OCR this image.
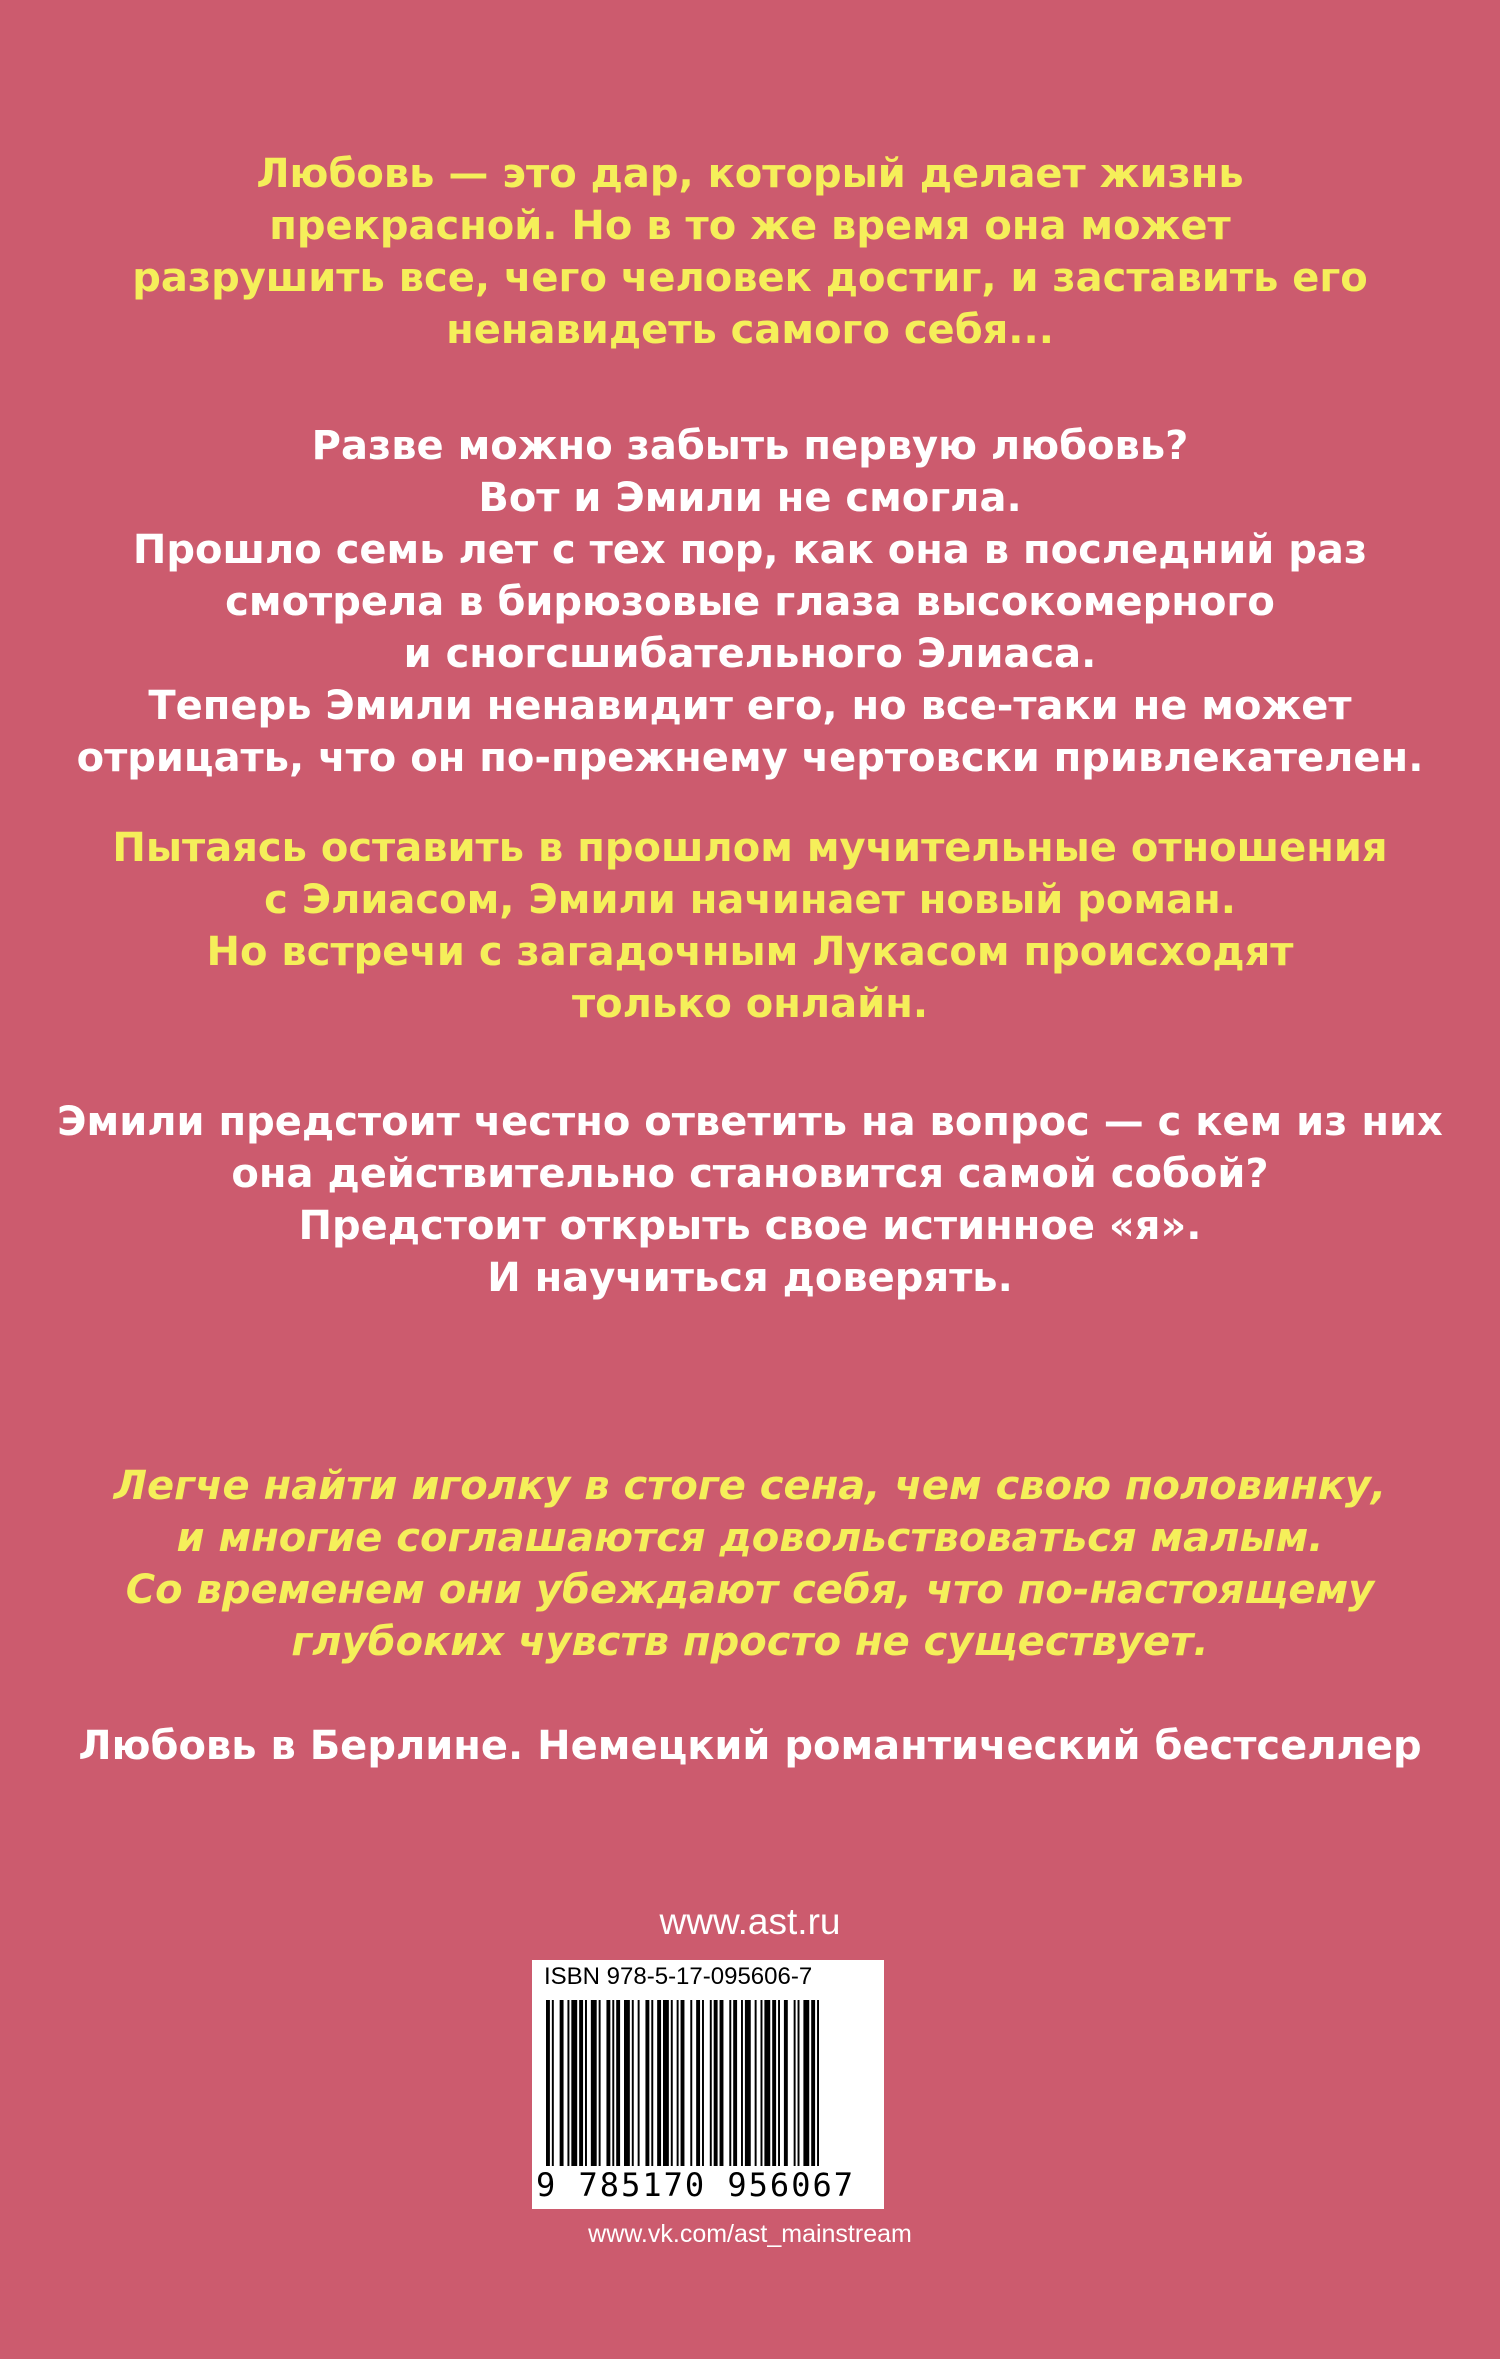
Любовь — это дар, который делает жизнь
прекрасной. Но в то же время она может
разрушить все, чего человек достиг, и заставить его
ненавидеть самого себя...
Разве можно забыть первую любовь?
Вот и Эмили не смогла.
Прошло семь лет с тех пор, как она в последний раз
смотрела в бирюзовые глаза высокомерного
и сногсшибательного Элиаса.
Теперь Эмили ненавидит его, но все-таки не может
отрицать, что он по-прежнему чертовски привлекателен.
Пытаясь оставить в прошлом мучительные отношения
с Элиасом, Эмили начинает новый роман.
Но встречи с загадочным Лукасом происходят
только онлайн.
Эмили предстоит честно ответить на вопрос — с кем из них
она действительно становится самой собой?
Предстоит открыть свое истинное «я».
И научиться доверять.
Легче найти иголку в стоге сена, чем свою половинку,
и многие соглашаются довольствоваться малым.
Со временем они убеждают себя, что по-настоящему
глубоких чувств просто не существует.
Любовь в Берлине. Немецкий романтический бестселлер
www.ast.ru
ISBN 978-5-17-095606-7
9 785170 956067
www.vk.com/ast_mainstream
